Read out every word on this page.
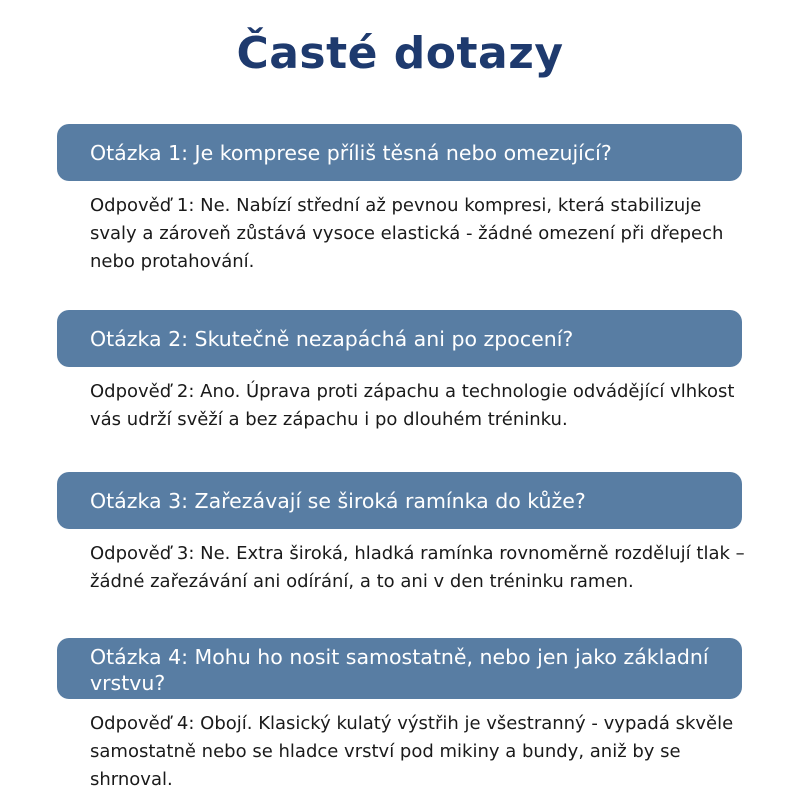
Časté dotazy
Otázka 1: Je komprese příliš těsná nebo omezující?
Odpověď 1: Ne. Nabízí střední až pevnou kompresi, která stabilizuje svaly a zároveň zůstává vysoce elastická - žádné omezení při dřepech nebo protahování.
Otázka 2: Skutečně nezapáchá ani po zpocení?
Odpověď 2: Ano. Úprava proti zápachu a technologie odvádějící vlhkost vás udrží svěží a bez zápachu i po dlouhém tréninku.
Otázka 3: Zařezávají se široká ramínka do kůže?
Odpověď 3: Ne. Extra široká, hladká ramínka rovnoměrně rozdělují tlak – žádné zařezávání ani odírání, a to ani v den tréninku ramen.
Otázka 4: Mohu ho nosit samostatně, nebo jen jako základní vrstvu?
Odpověď 4: Obojí. Klasický kulatý výstřih je všestranný - vypadá skvěle samostatně nebo se hladce vrství pod mikiny a bundy, aniž by se shrnoval.
